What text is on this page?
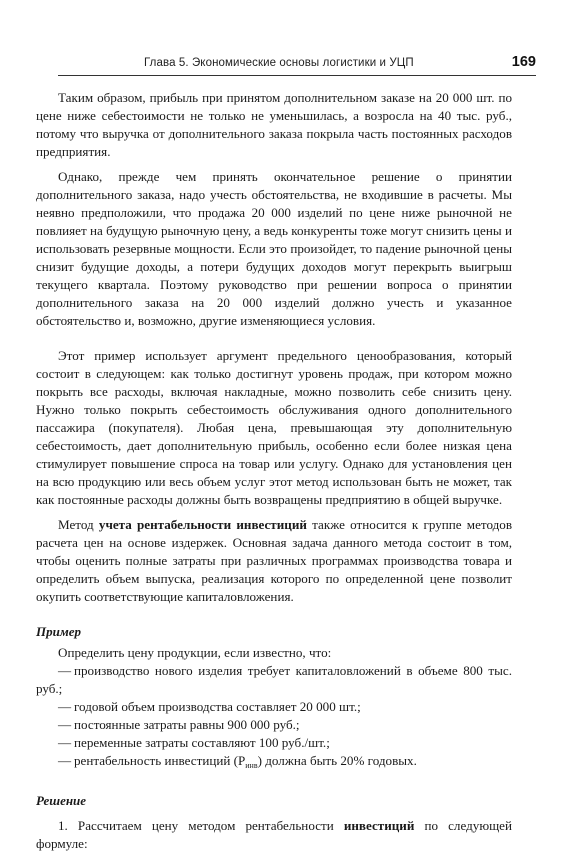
Глава 5. Экономические основы логистики и УЦП	169

Таким образом, прибыль при принятом дополнительном заказе на 20 000 шт. по цене ниже себестоимости не только не уменьшилась, а возросла на 40 тыс. руб., потому что выручка от дополнительного заказа покрыла часть постоянных расходов предприятия.

Однако, прежде чем принять окончательное решение о принятии дополнительного заказа, надо учесть обстоятельства, не входившие в расчеты. Мы неявно предположили, что продажа 20 000 изделий по цене ниже рыночной не повлияет на будущую рыночную цену, а ведь конкуренты тоже могут снизить цены и использовать резервные мощности. Если это произойдет, то падение рыночной цены снизит будущие доходы, а потери будущих доходов могут перекрыть выигрыш текущего квартала. Поэтому руководство при решении вопроса о принятии дополнительного заказа на 20 000 изделий должно учесть и указанное обстоятельство и, возможно, другие изменяющиеся условия.

Этот пример использует аргумент предельного ценообразования, который состоит в следующем: как только достигнут уровень продаж, при котором можно покрыть все расходы, включая накладные, можно позволить себе снизить цену. Нужно только покрыть себестоимость обслуживания одного дополнительного пассажира (покупателя). Любая цена, превышающая эту дополнительную себестоимость, дает дополнительную прибыль, особенно если более низкая цена стимулирует повышение спроса на товар или услугу. Однако для установления цен на всю продукцию или весь объем услуг этот метод использован быть не может, так как постоянные расходы должны быть возвращены предприятию в общей выручке.

Метод учета рентабельности инвестиций также относится к группе методов расчета цен на основе издержек. Основная задача данного метода состоит в том, чтобы оценить полные затраты при различных программах производства товара и определить объем выпуска, реализация которого по определенной цене позволит окупить соответствующие капиталовложения.

Пример

Определить цену продукции, если известно, что:

— производство нового изделия требует капиталовложений в объеме 800 тыс. руб.;

— годовой объем производства составляет 20 000 шт.;

— постоянные затраты равны 900 000 руб.;

— переменные затраты составляют 100 руб./шт.;

— рентабельность инвестиций $(Р_{инв})$ должна быть 20% годовых.

Решение

1. Рассчитаем цену методом рентабельности инвестиций по следующей формуле:
